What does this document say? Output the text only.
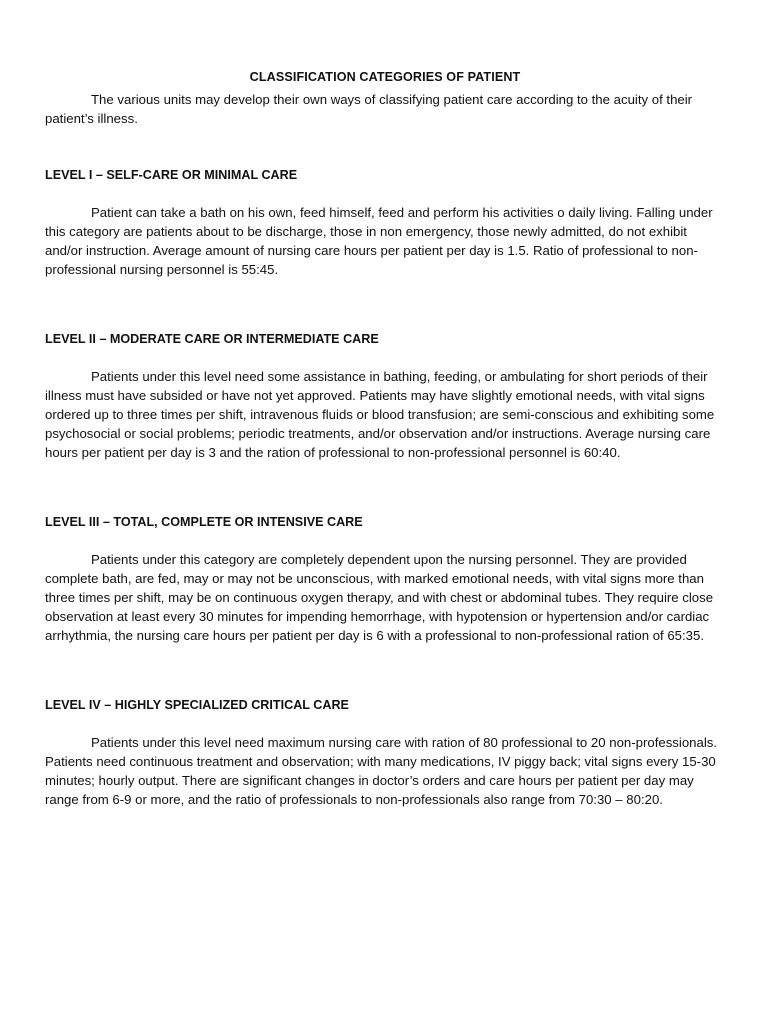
CLASSIFICATION CATEGORIES OF PATIENT

The various units may develop their own ways of classifying patient care according to the acuity of their patient’s illness.

LEVEL I – SELF-CARE OR MINIMAL CARE

Patient can take a bath on his own, feed himself, feed and perform his activities o daily living. Falling under this category are patients about to be discharge, those in non emergency, those newly admitted, do not exhibit and/or instruction. Average amount of nursing care hours per patient per day is 1.5. Ratio of professional to non-professional nursing personnel is 55:45.

LEVEL II – MODERATE CARE OR INTERMEDIATE CARE

Patients under this level need some assistance in bathing, feeding, or ambulating for short periods of their illness must have subsided or have not yet approved. Patients may have slightly emotional needs, with vital signs ordered up to three times per shift, intravenous fluids or blood transfusion; are semi-conscious and exhibiting some psychosocial or social problems; periodic treatments, and/or observation and/or instructions. Average nursing care hours per patient per day is 3 and the ration of professional to non-professional personnel is 60:40.

LEVEL III – TOTAL, COMPLETE OR INTENSIVE CARE

Patients under this category are completely dependent upon the nursing personnel. They are provided complete bath, are fed, may or may not be unconscious, with marked emotional needs, with vital signs more than three times per shift, may be on continuous oxygen therapy, and with chest or abdominal tubes. They require close observation at least every 30 minutes for impending hemorrhage, with hypotension or hypertension and/or cardiac arrhythmia, the nursing care hours per patient per day is 6 with a professional to non-professional ration of 65:35.

LEVEL IV – HIGHLY SPECIALIZED CRITICAL CARE

Patients under this level need maximum nursing care with ration of 80 professional to 20 non-professionals. Patients need continuous treatment and observation; with many medications, IV piggy back; vital signs every 15-30 minutes; hourly output. There are significant changes in doctor’s orders and care hours per patient per day may range from 6-9 or more, and the ratio of professionals to non-professionals also range from 70:30 – 80:20.
